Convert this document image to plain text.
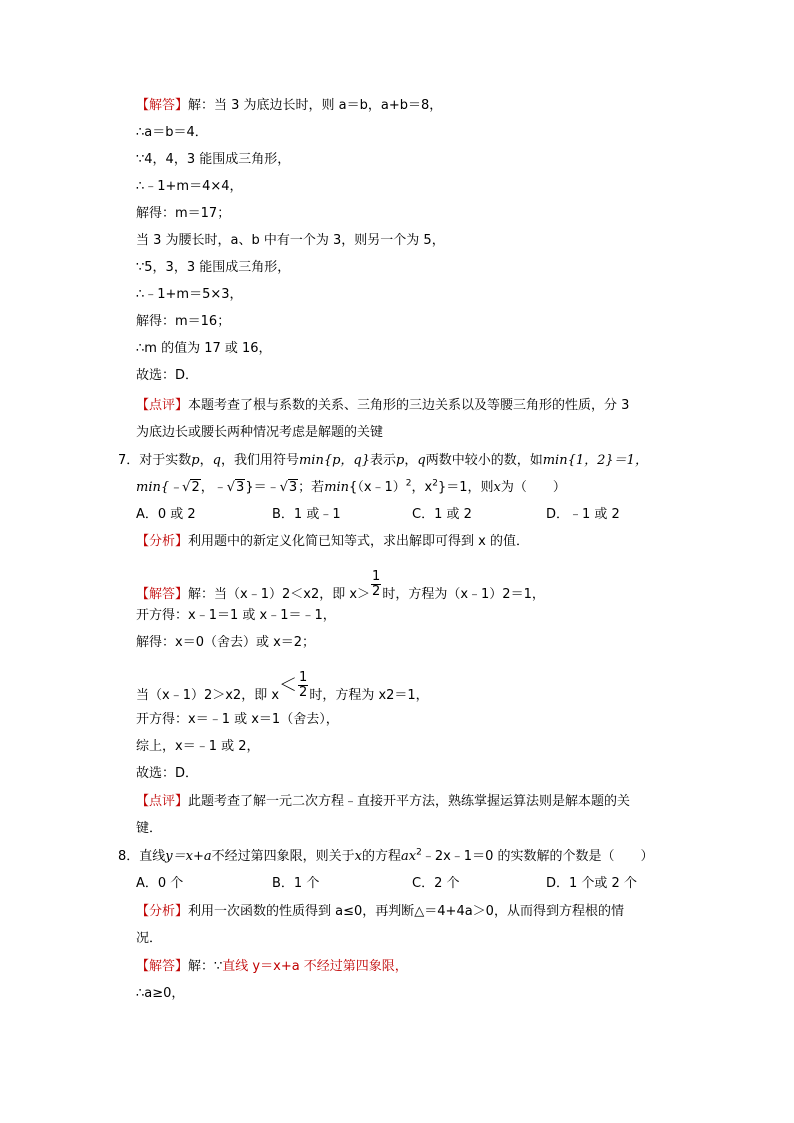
【解答】解：当 3 为底边长时，则 a＝b，a+b＝8，
∴a＝b＝4．
∵4，4，3 能围成三角形，
∴﹣1+m＝4×4，
解得：m＝17；
当 3 为腰长时，a、b 中有一个为 3，则另一个为 5，
∵5，3，3 能围成三角形，
∴﹣1+m＝5×3，
解得：m＝16；
∴m 的值为 17 或 16，
故选：D．
【点评】本题考查了根与系数的关系、三角形的三边关系以及等腰三角形的性质，分 3
为底边长或腰长两种情况考虑是解题的关键
7．对于实数p，q，我们用符号min{p，q}表示p，q两数中较小的数，如min{1，2}＝1，
min{﹣√2，﹣√3}＝﹣√3；若min{（x﹣1）$^2$，$x^2\}=1$，则x为（　　）
A．0 或 2	B．1 或﹣1	C．1 或 2	D．﹣1 或 2
【分析】利用题中的新定义化简已知等式，求出解即可得到 x 的值．
【解答】解：当（x﹣1）2＜x2，即 $x> \frac{1}{2}$ 时，方程为（x﹣1）2＝1，
开方得：x﹣1＝1 或 x﹣1＝﹣1，
解得：x＝0（舍去）或 x＝2；
当（x﹣1）2＞x2，即 $x< \frac{1}{2}$ 时，方程为 x2＝1，
开方得：x＝﹣1 或 x＝1（舍去），
综上，x＝﹣1 或 2，
故选：D．
【点评】此题考查了解一元二次方程﹣直接开平方法，熟练掌握运算法则是解本题的关
键．
8．直线y＝x+a不经过第四象限，则关于x的方程$ax^2﹣2x﹣1=0$ 的实数解的个数是（　　）
A．0 个	B．1 个	C．2 个	D．1 个或 2 个
【分析】利用一次函数的性质得到 a≤0，再判断△＝4+4a＞0，从而得到方程根的情
况．
【解答】解：∵直线 y＝x+a 不经过第四象限，
∴a≥0，
